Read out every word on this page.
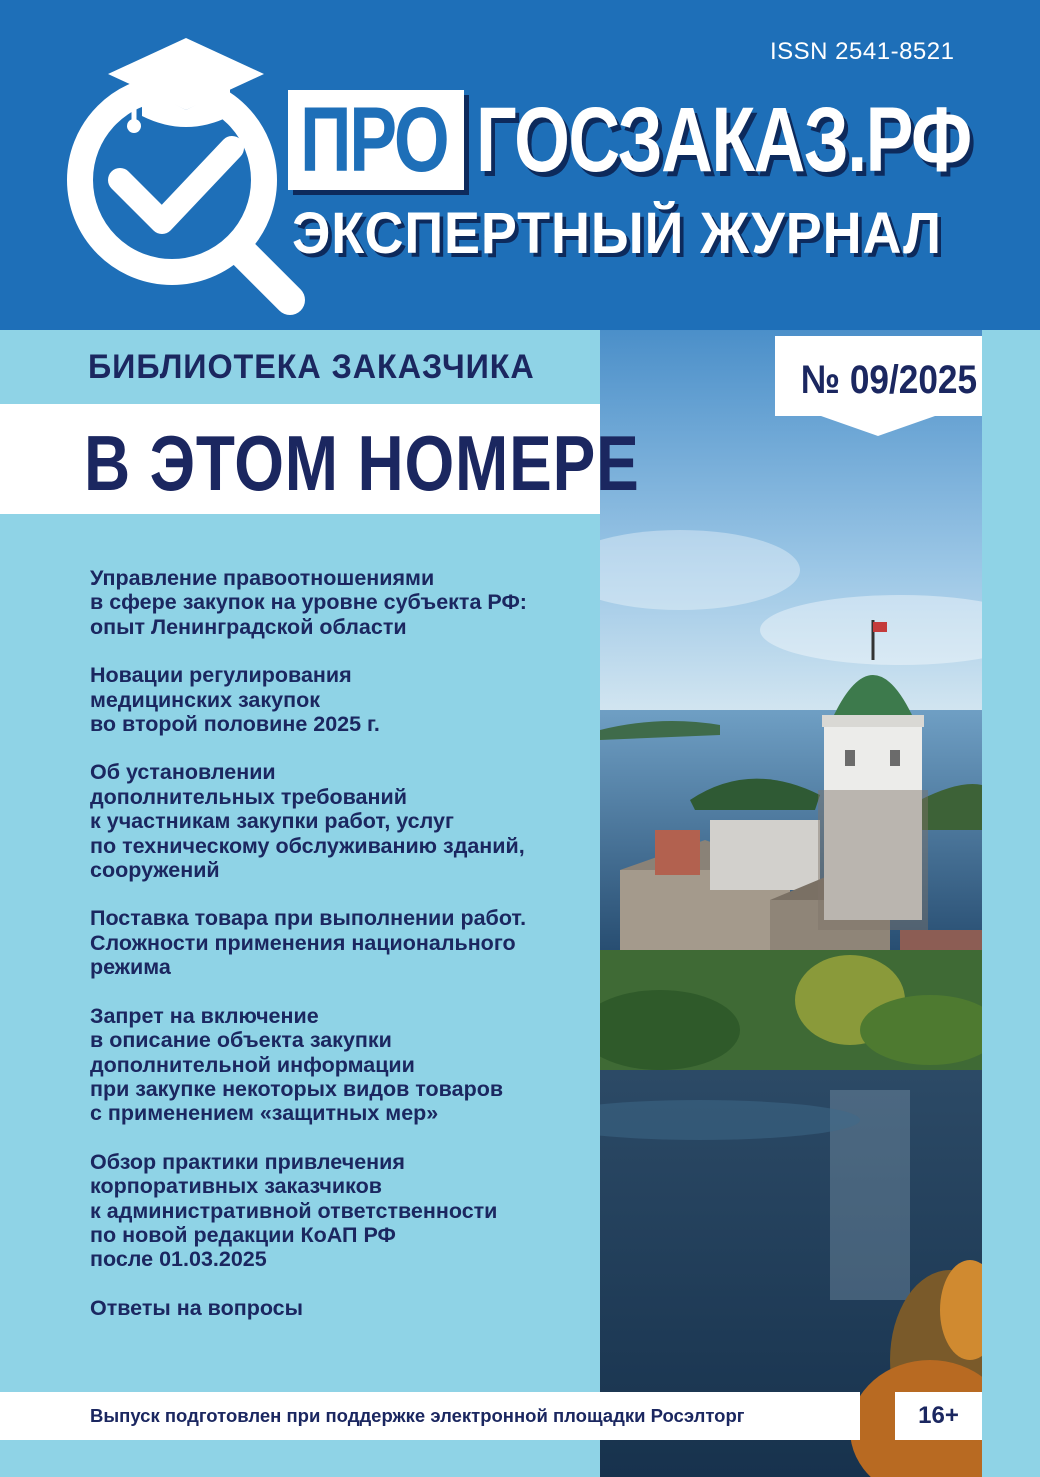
ISSN 2541-8521
ПРО ГОСЗАКАЗ.РФ
ЭКСПЕРТНЫЙ ЖУРНАЛ
БИБЛИОТЕКА ЗАКАЗЧИКА
В ЭТОМ НОМЕРЕ
№ 09/2025
Управление правоотношениями
в сфере закупок на уровне субъекта РФ:
опыт Ленинградской области
Новации регулирования
медицинских закупок
во второй половине 2025 г.
Об установлении
дополнительных требований
к участникам закупки работ, услуг
по техническому обслуживанию зданий,
сооружений
Поставка товара при выполнении работ.
Сложности применения национального
режима
Запрет на включение
в описание объекта закупки
дополнительной информации
при закупке некоторых видов товаров
с применением «защитных мер»
Обзор практики привлечения
корпоративных заказчиков
к административной ответственности
по новой редакции КоАП РФ
после 01.03.2025
Ответы на вопросы
Выпуск подготовлен при поддержке электронной площадки Росэлторг	16+
